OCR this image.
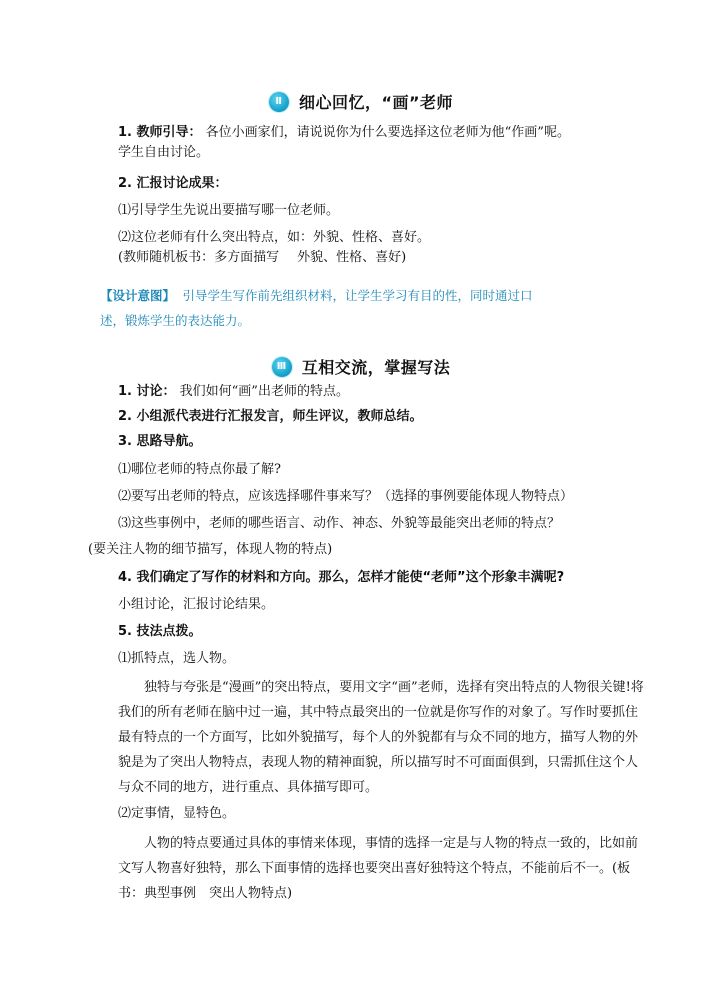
Ⅱ	细心回忆，“画”老师
1. 教师引导： 各位小画家们，请说说你为什么要选择这位老师为他“作画”呢。
学生自由讨论。
2. 汇报讨论成果：
⑴引导学生先说出要描写哪一位老师。
⑵这位老师有什么突出特点，如：外貌、性格、喜好。
(教师随机板书：多方面描写 外貌、性格、喜好)
【设计意图】 引导学生写作前先组织材料，让学生学习有目的性，同时通过口
述，锻炼学生的表达能力。
Ⅲ 互相交流，掌握写法
1. 讨论： 我们如何“画”出老师的特点。
2. 小组派代表进行汇报发言，师生评议，教师总结。
3. 思路导航。
⑴哪位老师的特点你最了解?
⑵要写出老师的特点，应该选择哪件事来写？（选择的事例要能体现人物特点）
⑶这些事例中，老师的哪些语言、动作、神态、外貌等最能突出老师的特点？
(要关注人物的细节描写，体现人物的特点)
4. 我们确定了写作的材料和方向。那么，怎样才能使“老师”这个形象丰满呢?
小组讨论，汇报讨论结果。
5. 技法点拨。
⑴抓特点，选人物。
独特与夸张是“漫画”的突出特点，要用文字“画”老师，选择有突出特点的人物很关键!将我们的所有老师在脑中过一遍，其中特点最突出的一位就是你写作的对象了。写作时要抓住最有特点的一个方面写，比如外貌描写，每个人的外貌都有与众不同的地方，描写人物的外貌是为了突出人物特点，表现人物的精神面貌，所以描写时不可面面俱到，只需抓住这个人与众不同的地方，进行重点、具体描写即可。
⑵定事情，显特色。
人物的特点要通过具体的事情来体现，事情的选择一定是与人物的特点一致的，比如前文写人物喜好独特，那么下面事情的选择也要突出喜好独特这个特点，不能前后不一。(板书：典型事例　突出人物特点)
